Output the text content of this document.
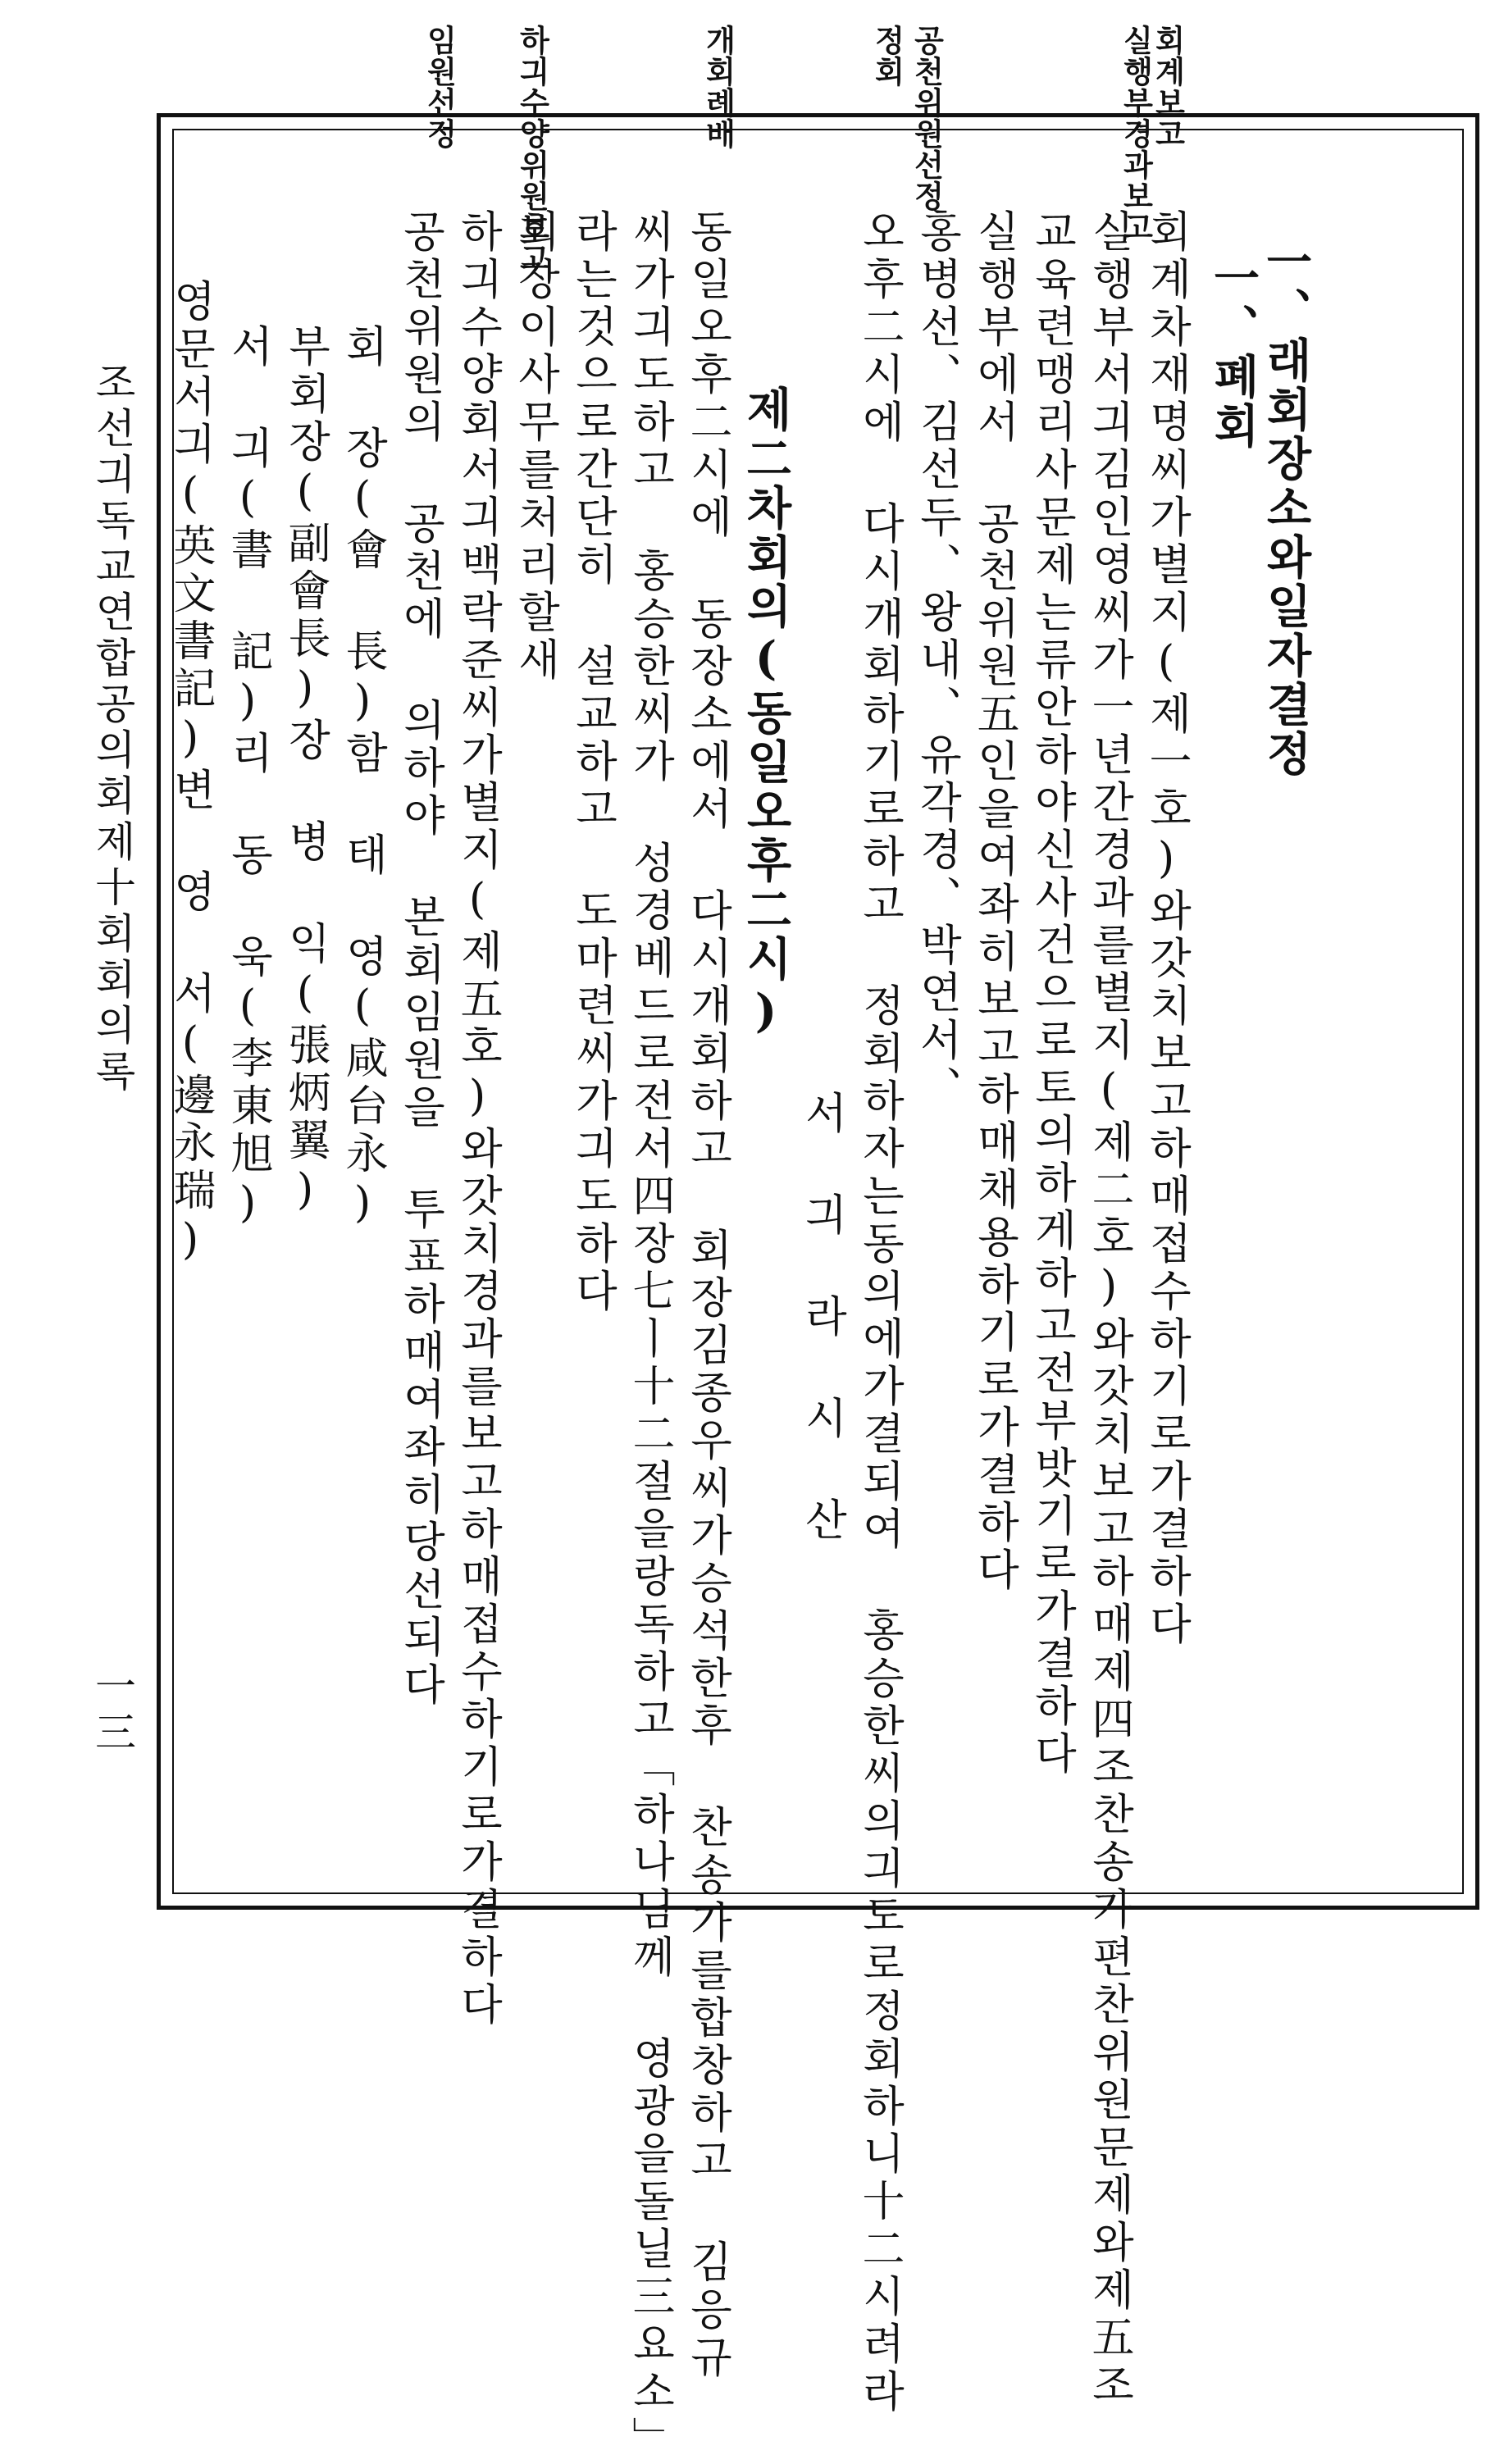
회계보고
실행부경과보고
공천위원선정
정회
개회례배
하긔수양위원보고
임원선정
조선긔독교연합공의회제十회회의록
一三
一、래회장소와일자결정
一、폐회
회계차재명씨가별지(제一호)와갓치보고하매접수하기로가결하다
실행부서긔김인영씨가一년간경과를별지(제二호)와갓치보고하매제四조찬송가편찬위원문제와제五조
교육련맹리사문제는류안하야신사건으로토의하게하고전부밧기로가결하다
실행부에서 공천위원五인을여좌히보고하매채용하기로가결하다
홍병선、김선두、왕내、유각경、박연서、
오후二시에 다시개회하기로하고 정회하자는동의에가결되여 홍승한씨의긔도로정회하니十二시려라
서 긔 라 시 산
제二차회의(동일오후二시)
동일오후二시에 동장소에서 다시개회하고 회장김종우씨가승석한후 찬송가를합창하고 김응규
씨가긔도하고 홍승한씨가 성경베드로전서四장七ㅣ十二절을랑독하고「하나님께 영광을돌닐三요소」
라는것으로간단히 설교하고 도마련씨가긔도하다
회장이사무를처리할새
하긔수양회서긔백락준씨가별지(제五호)와갓치경과를보고하매접수하기로가결하다
공천위원의 공천에 의하야 본회임원을 투표하매여좌히당선되다
회 장(會 長)함 태 영(咸台永)
부회장(副會長)장 병 익(張炳翼)
서 긔(書 記)리 동 욱(李東旭)
영문서긔(英文書記)변 영 서(邊永瑞)
